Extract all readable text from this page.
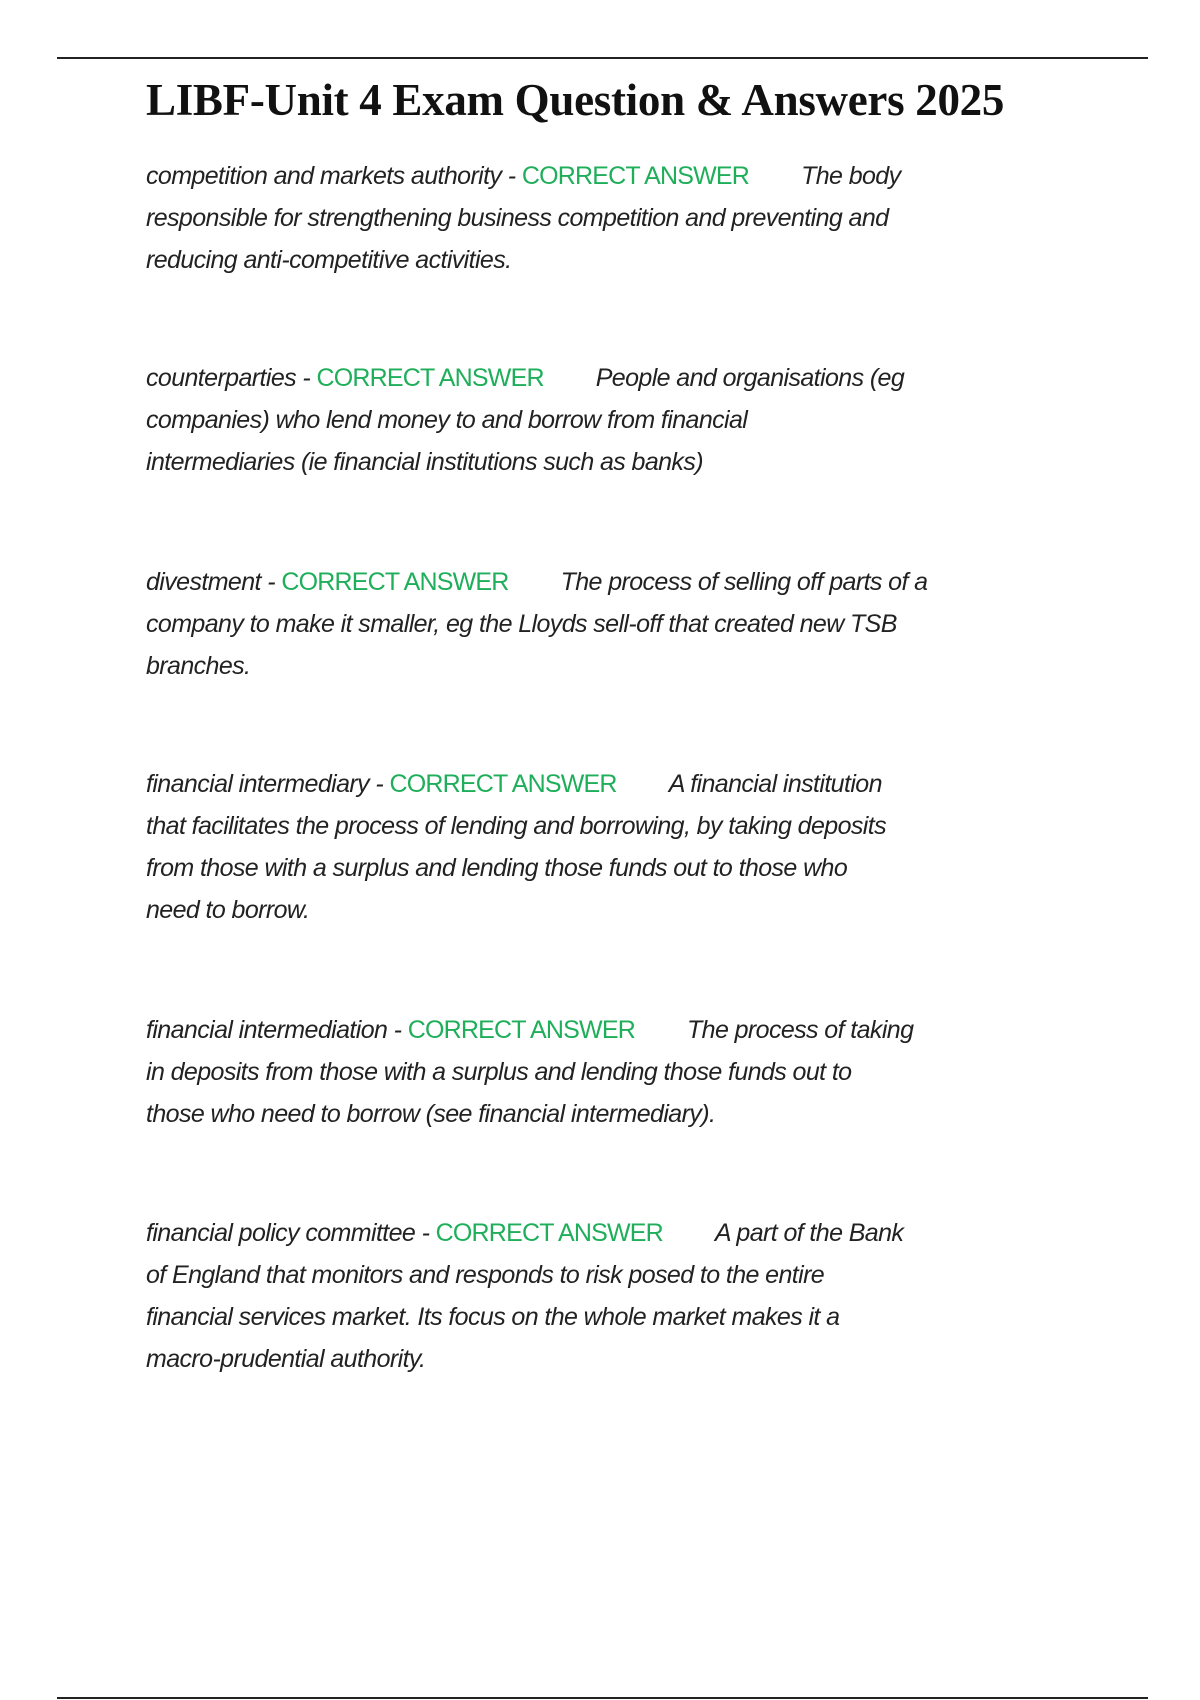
LIBF-Unit 4 Exam Question & Answers 2025
competition and markets authority - CORRECT ANSWER The body
responsible for strengthening business competition and preventing and
reducing anti-competitive activities.
counterparties - CORRECT ANSWER People and organisations (eg
companies) who lend money to and borrow from financial
intermediaries (ie financial institutions such as banks)
divestment - CORRECT ANSWER The process of selling off parts of a
company to make it smaller, eg the Lloyds sell-off that created new TSB
branches.
financial intermediary - CORRECT ANSWER A financial institution
that facilitates the process of lending and borrowing, by taking deposits
from those with a surplus and lending those funds out to those who
need to borrow.
financial intermediation - CORRECT ANSWER The process of taking
in deposits from those with a surplus and lending those funds out to
those who need to borrow (see financial intermediary).
financial policy committee - CORRECT ANSWER A part of the Bank
of England that monitors and responds to risk posed to the entire
financial services market. Its focus on the whole market makes it a
macro-prudential authority.
